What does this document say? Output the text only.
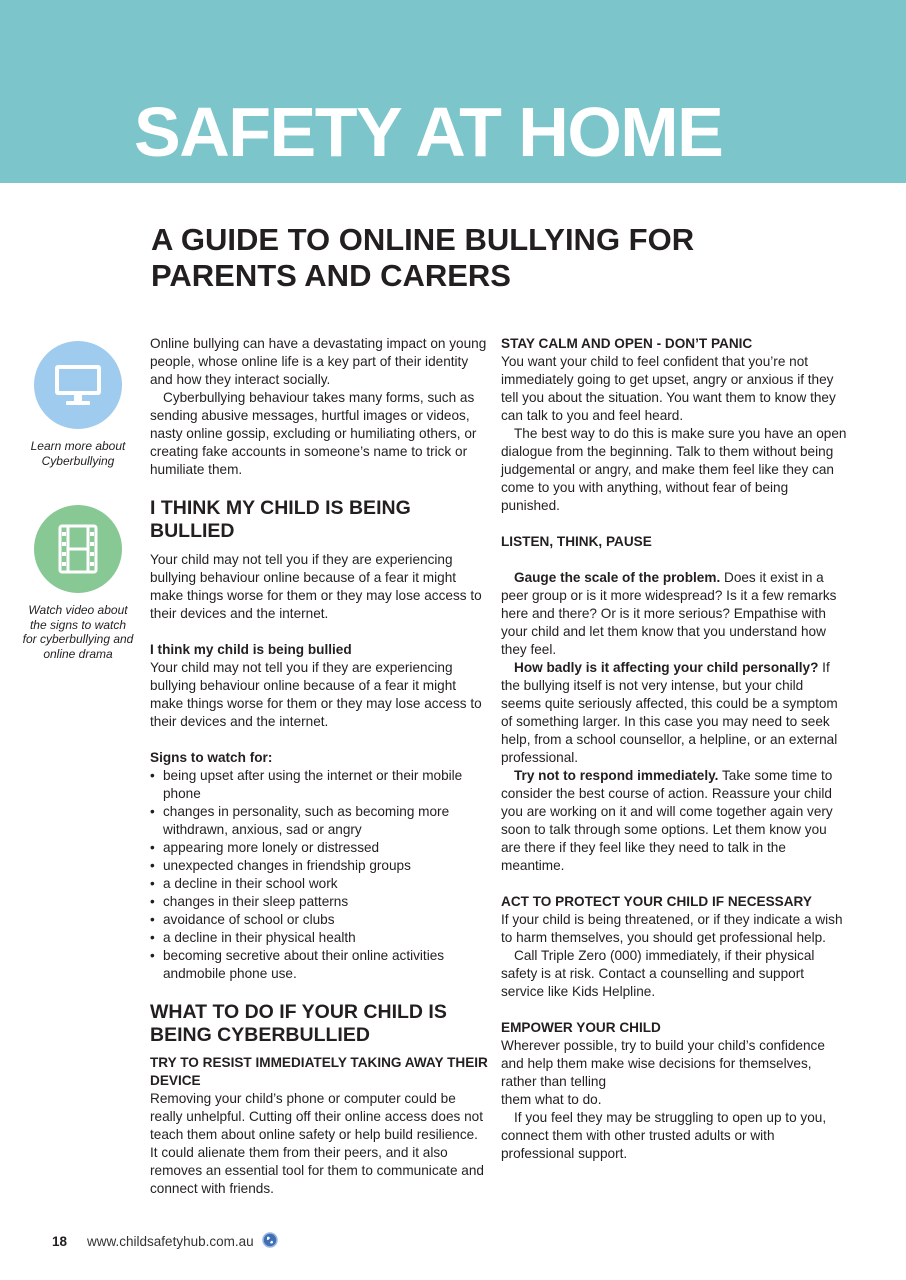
SAFETY AT HOME
A GUIDE TO ONLINE BULLYING FOR PARENTS AND CARERS
Learn more about Cyberbullying
Watch video about the signs to watch for cyberbullying and online drama

Online bullying can have a devastating impact on young people, whose online life is a key part of their identity and how they interact socially.

Cyberbullying behaviour takes many forms, such as sending abusive messages, hurtful images or videos, nasty online gossip, excluding or humiliating others, or creating fake accounts in someone’s name to trick or humiliate them.

I THINK MY CHILD IS BEING BULLIED

Your child may not tell you if they are experiencing bullying behaviour online because of a fear it might make things worse for them or they may lose access to their devices and the internet.

I think my child is being bullied

Your child may not tell you if they are experiencing bullying behaviour online because of a fear it might make things worse for them or they may lose access to their devices and the internet.

Signs to watch for:

• being upset after using the internet or their mobile phone
• changes in personality, such as becoming more withdrawn, anxious, sad or angry
• appearing more lonely or distressed
• unexpected changes in friendship groups
• a decline in their school work
• changes in their sleep patterns
• avoidance of school or clubs
• a decline in their physical health
• becoming secretive about their online activities andmobile phone use.
WHAT TO DO IF YOUR CHILD IS BEING CYBERBULLIED

TRY TO RESIST IMMEDIATELY TAKING AWAY THEIR DEVICE

Removing your child’s phone or computer could be really unhelpful. Cutting off their online access does not teach them about online safety or help build resilience. It could alienate them from their peers, and it also removes an essential tool for them to communicate and connect with friends.

STAY CALM AND OPEN - DON’T PANIC

You want your child to feel confident that you’re not immediately going to get upset, angry or anxious if they tell you about the situation. You want them to know they can talk to you and feel heard.

The best way to do this is make sure you have an open dialogue from the beginning. Talk to them without being judgemental or angry, and make them feel like they can come to you with anything, without fear of being punished.

LISTEN, THINK, PAUSE

Gauge the scale of the problem. Does it exist in a peer group or is it more widespread? Is it a few remarks here and there? Or is it more serious? Empathise with your child and let them know that you understand how they feel.

How badly is it affecting your child personally? If the bullying itself is not very intense, but your child seems quite seriously affected, this could be a symptom of something larger. In this case you may need to seek help, from a school counsellor, a helpline, or an external professional.

Try not to respond immediately. Take some time to consider the best course of action. Reassure your child you are working on it and will come together again very soon to talk through some options. Let them know you are there if they feel like they need to talk in the meantime.

ACT TO PROTECT YOUR CHILD IF NECESSARY

If your child is being threatened, or if they indicate a wish to harm themselves, you should get professional help.

Call Triple Zero (000) immediately, if their physical safety is at risk. Contact a counselling and support service like Kids Helpline.

EMPOWER YOUR CHILD

Wherever possible, try to build your child’s confidence and help them make wise decisions for themselves, rather than telling

them what to do.

If you feel they may be struggling to open up to you, connect them with other trusted adults or with professional support.

18 www.childsafetyhub.com.au
